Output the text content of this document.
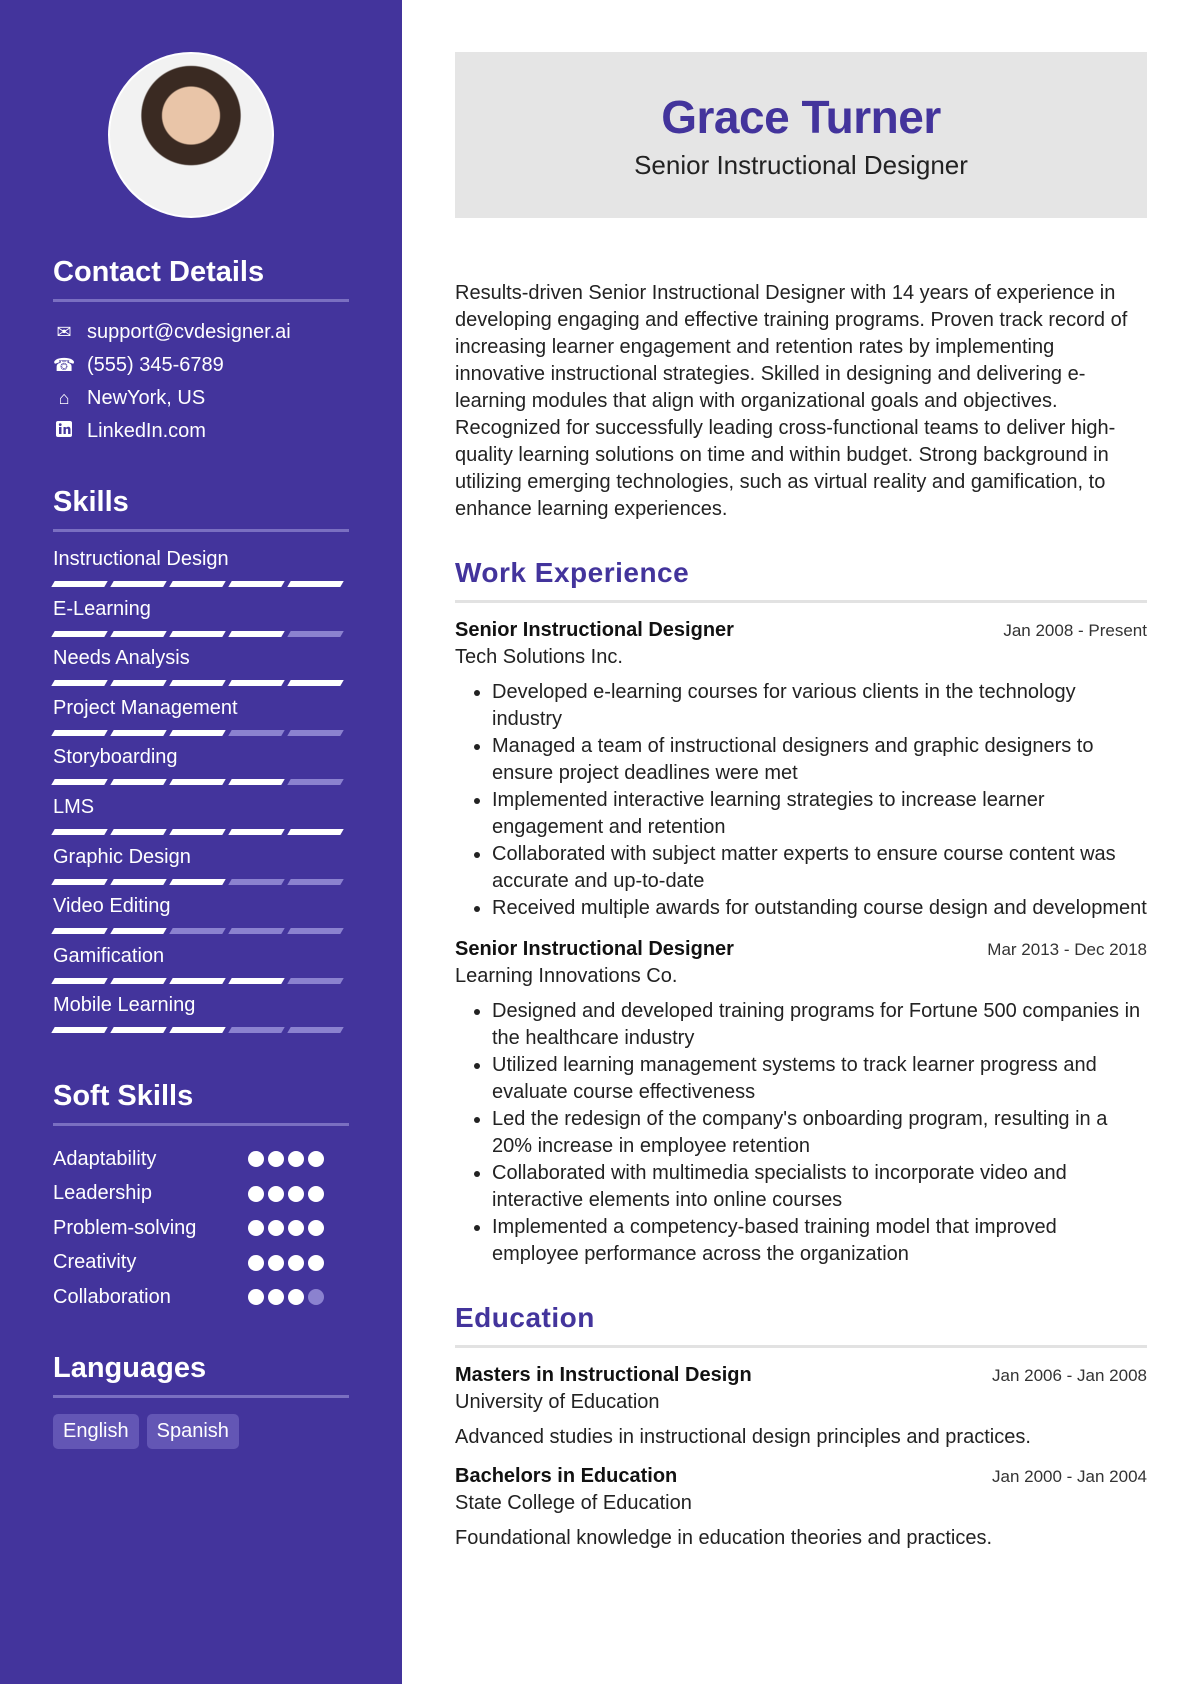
Contact Details
✉ support@cvdesigner.ai
☎ (555) 345-6789
⌂ NewYork, US
LinkedIn.com
Skills
Instructional Design
E-Learning
Needs Analysis
Project Management
Storyboarding
LMS
Graphic Design
Video Editing
Gamification
Mobile Learning
Soft Skills
Adaptability
Leadership
Problem-solving
Creativity
Collaboration
Languages
English	Spanish
Grace Turner
Senior Instructional Designer

Results-driven Senior Instructional Designer with 14 years of experience in developing engaging and effective training programs. Proven track record of increasing learner engagement and retention rates by implementing innovative instructional strategies. Skilled in designing and delivering e-learning modules that align with organizational goals and objectives. Recognized for successfully leading cross-functional teams to deliver high-quality learning solutions on time and within budget. Strong background in utilizing emerging technologies, such as virtual reality and gamification, to enhance learning experiences.

Work Experience
Senior Instructional Designer	Jan 2008 - Present
Tech Solutions Inc.
• Developed e-learning courses for various clients in the technology industry
• Managed a team of instructional designers and graphic designers to ensure project deadlines were met
• Implemented interactive learning strategies to increase learner engagement and retention
• Collaborated with subject matter experts to ensure course content was accurate and up-to-date
• Received multiple awards for outstanding course design and development
Senior Instructional Designer	Mar 2013 - Dec 2018
Learning Innovations Co.
• Designed and developed training programs for Fortune 500 companies in the healthcare industry
• Utilized learning management systems to track learner progress and evaluate course effectiveness
• Led the redesign of the company's onboarding program, resulting in a 20% increase in employee retention
• Collaborated with multimedia specialists to incorporate video and interactive elements into online courses
• Implemented a competency-based training model that improved employee performance across the organization
Education
Masters in Instructional Design	Jan 2006 - Jan 2008
University of Education
Advanced studies in instructional design principles and practices.
Bachelors in Education	Jan 2000 - Jan 2004
State College of Education
Foundational knowledge in education theories and practices.
